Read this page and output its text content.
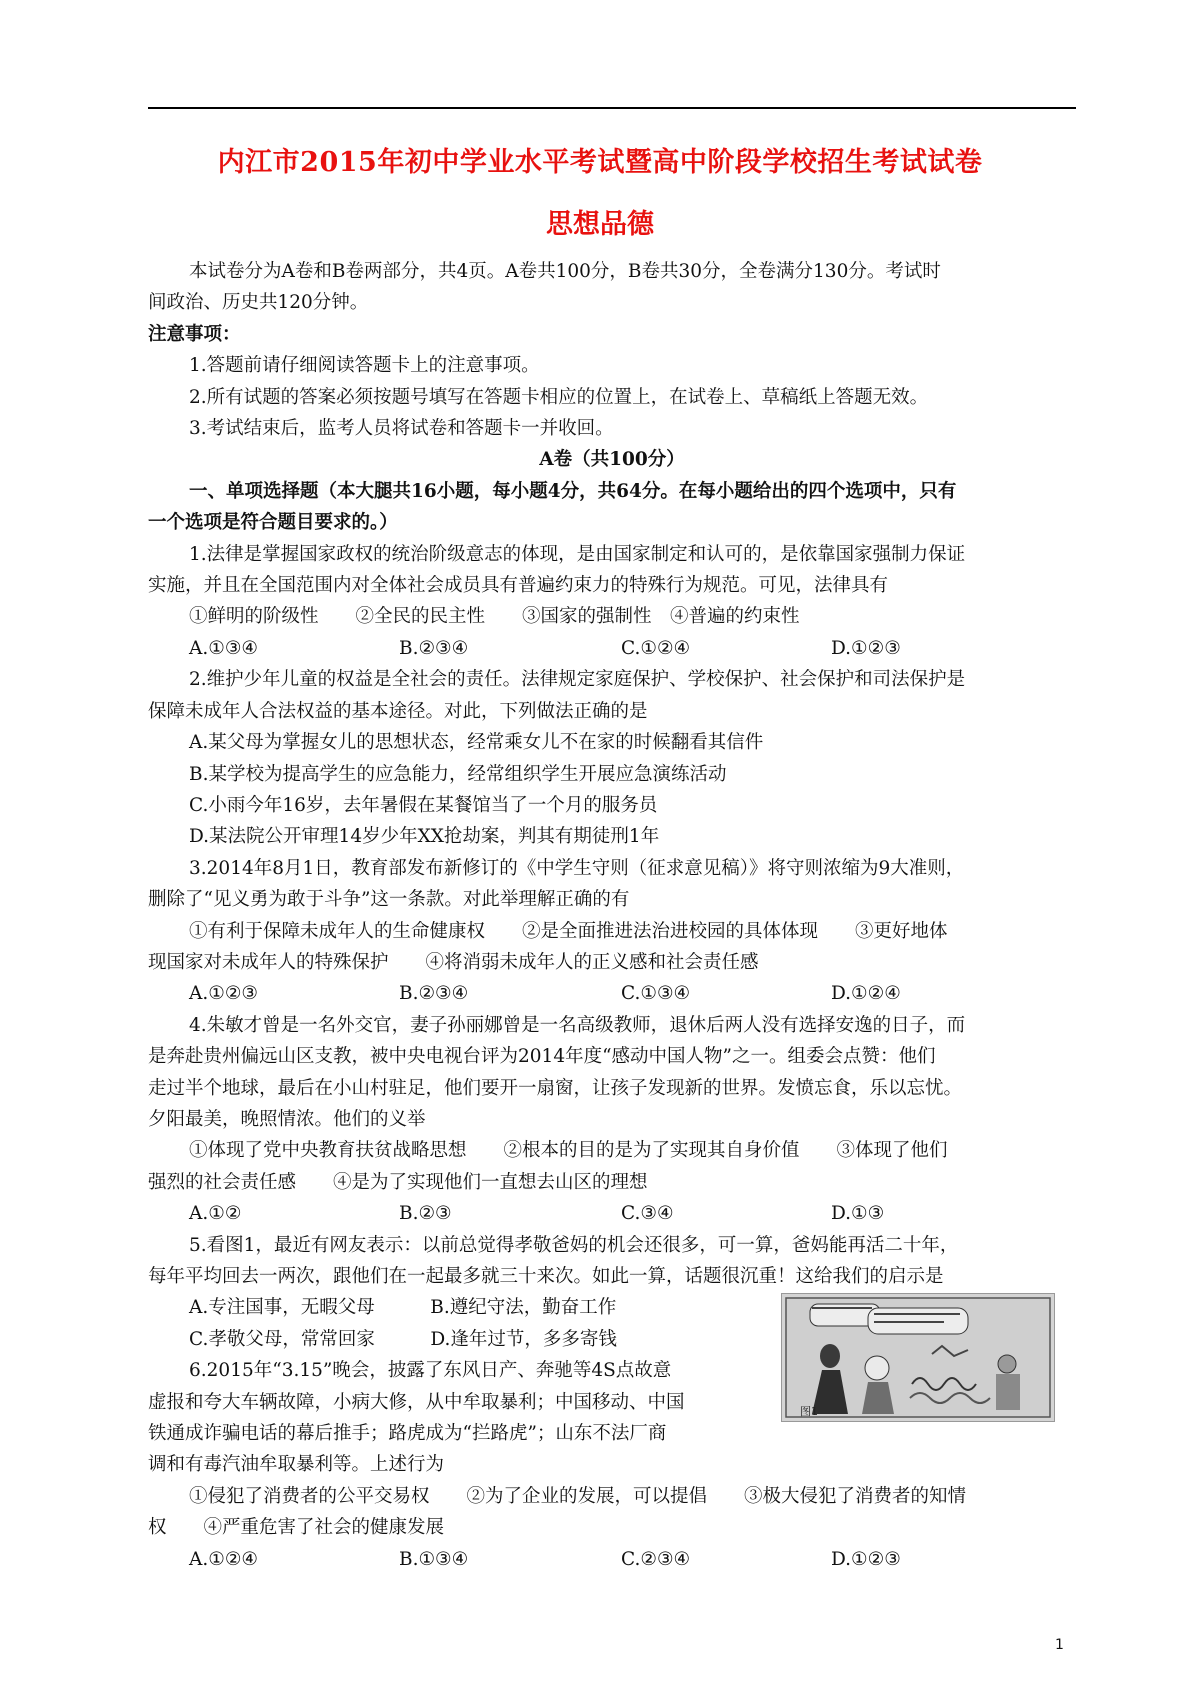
内江市2015年初中学业水平考试暨高中阶段学校招生考试试卷
思想品德

本试卷分为A卷和B卷两部分，共4页。A卷共100分，B卷共30分，全卷满分130分。考试时

间政治、历史共120分钟。

注意事项：

1.答题前请仔细阅读答题卡上的注意事项。

2.所有试题的答案必须按题号填写在答题卡相应的位置上，在试卷上、草稿纸上答题无效。

3.考试结束后，监考人员将试卷和答题卡一并收回。

A卷（共100分）

一、单项选择题（本大腿共16小题，每小题4分，共64分。在每小题给出的四个选项中，只有

一个选项是符合题目要求的。）

1.法律是掌握国家政权的统治阶级意志的体现，是由国家制定和认可的，是依靠国家强制力保证

实施，并且在全国范围内对全体社会成员具有普遍约束力的特殊行为规范。可见，法律具有

①鲜明的阶级性　　②全民的民主性　　③国家的强制性　④普遍的约束性

A.①③④	B.②③④	C.①②④	D.①②③

2.维护少年儿童的权益是全社会的责任。法律规定家庭保护、学校保护、社会保护和司法保护是

保障未成年人合法权益的基本途径。对此，下列做法正确的是

A.某父母为掌握女儿的思想状态，经常乘女儿不在家的时候翻看其信件

B.某学校为提高学生的应急能力，经常组织学生开展应急演练活动

C.小雨今年16岁，去年暑假在某餐馆当了一个月的服务员

D.某法院公开审理14岁少年XX抢劫案，判其有期徒刑1年

3.2014年8月1日，教育部发布新修订的《中学生守则（征求意见稿）》将守则浓缩为9大准则，

删除了“见义勇为敢于斗争”这一条款。对此举理解正确的有

①有利于保障未成年人的生命健康权　　②是全面推进法治进校园的具体体现　　③更好地体

现国家对未成年人的特殊保护　　④将消弱未成年人的正义感和社会责任感

A.①②③	B.②③④	C.①③④	D.①②④

4.朱敏才曾是一名外交官，妻子孙丽娜曾是一名高级教师，退休后两人没有选择安逸的日子，而

是奔赴贵州偏远山区支教，被中央电视台评为2014年度“感动中国人物”之一。组委会点赞：他们

走过半个地球，最后在小山村驻足，他们要开一扇窗，让孩子发现新的世界。发愤忘食，乐以忘忧。

夕阳最美，晚照情浓。他们的义举

①体现了党中央教育扶贫战略思想　　②根本的目的是为了实现其自身价值　　③体现了他们

强烈的社会责任感　　④是为了实现他们一直想去山区的理想

A.①②	B.②③	C.③④	D.①③

5.看图1，最近有网友表示：以前总觉得孝敬爸妈的机会还很多，可一算，爸妈能再活二十年，

每年平均回去一两次，跟他们在一起最多就三十来次。如此一算，话题很沉重！这给我们的启示是

A.专注国事，无暇父母　　　B.遵纪守法，勤奋工作

C.孝敬父母，常常回家　　　D.逢年过节，多多寄钱

6.2015年“3.15”晚会，披露了东风日产、奔驰等4S点故意

虚报和夸大车辆故障，小病大修，从中牟取暴利；中国移动、中国

铁通成诈骗电话的幕后推手；路虎成为“拦路虎”；山东不法厂商

调和有毒汽油牟取暴利等。上述行为

①侵犯了消费者的公平交易权　　②为了企业的发展，可以提倡　　③极大侵犯了消费者的知情

权　　④严重危害了社会的健康发展

A.①②④	B.①③④	C.②③④	D.①②③
图1
1
